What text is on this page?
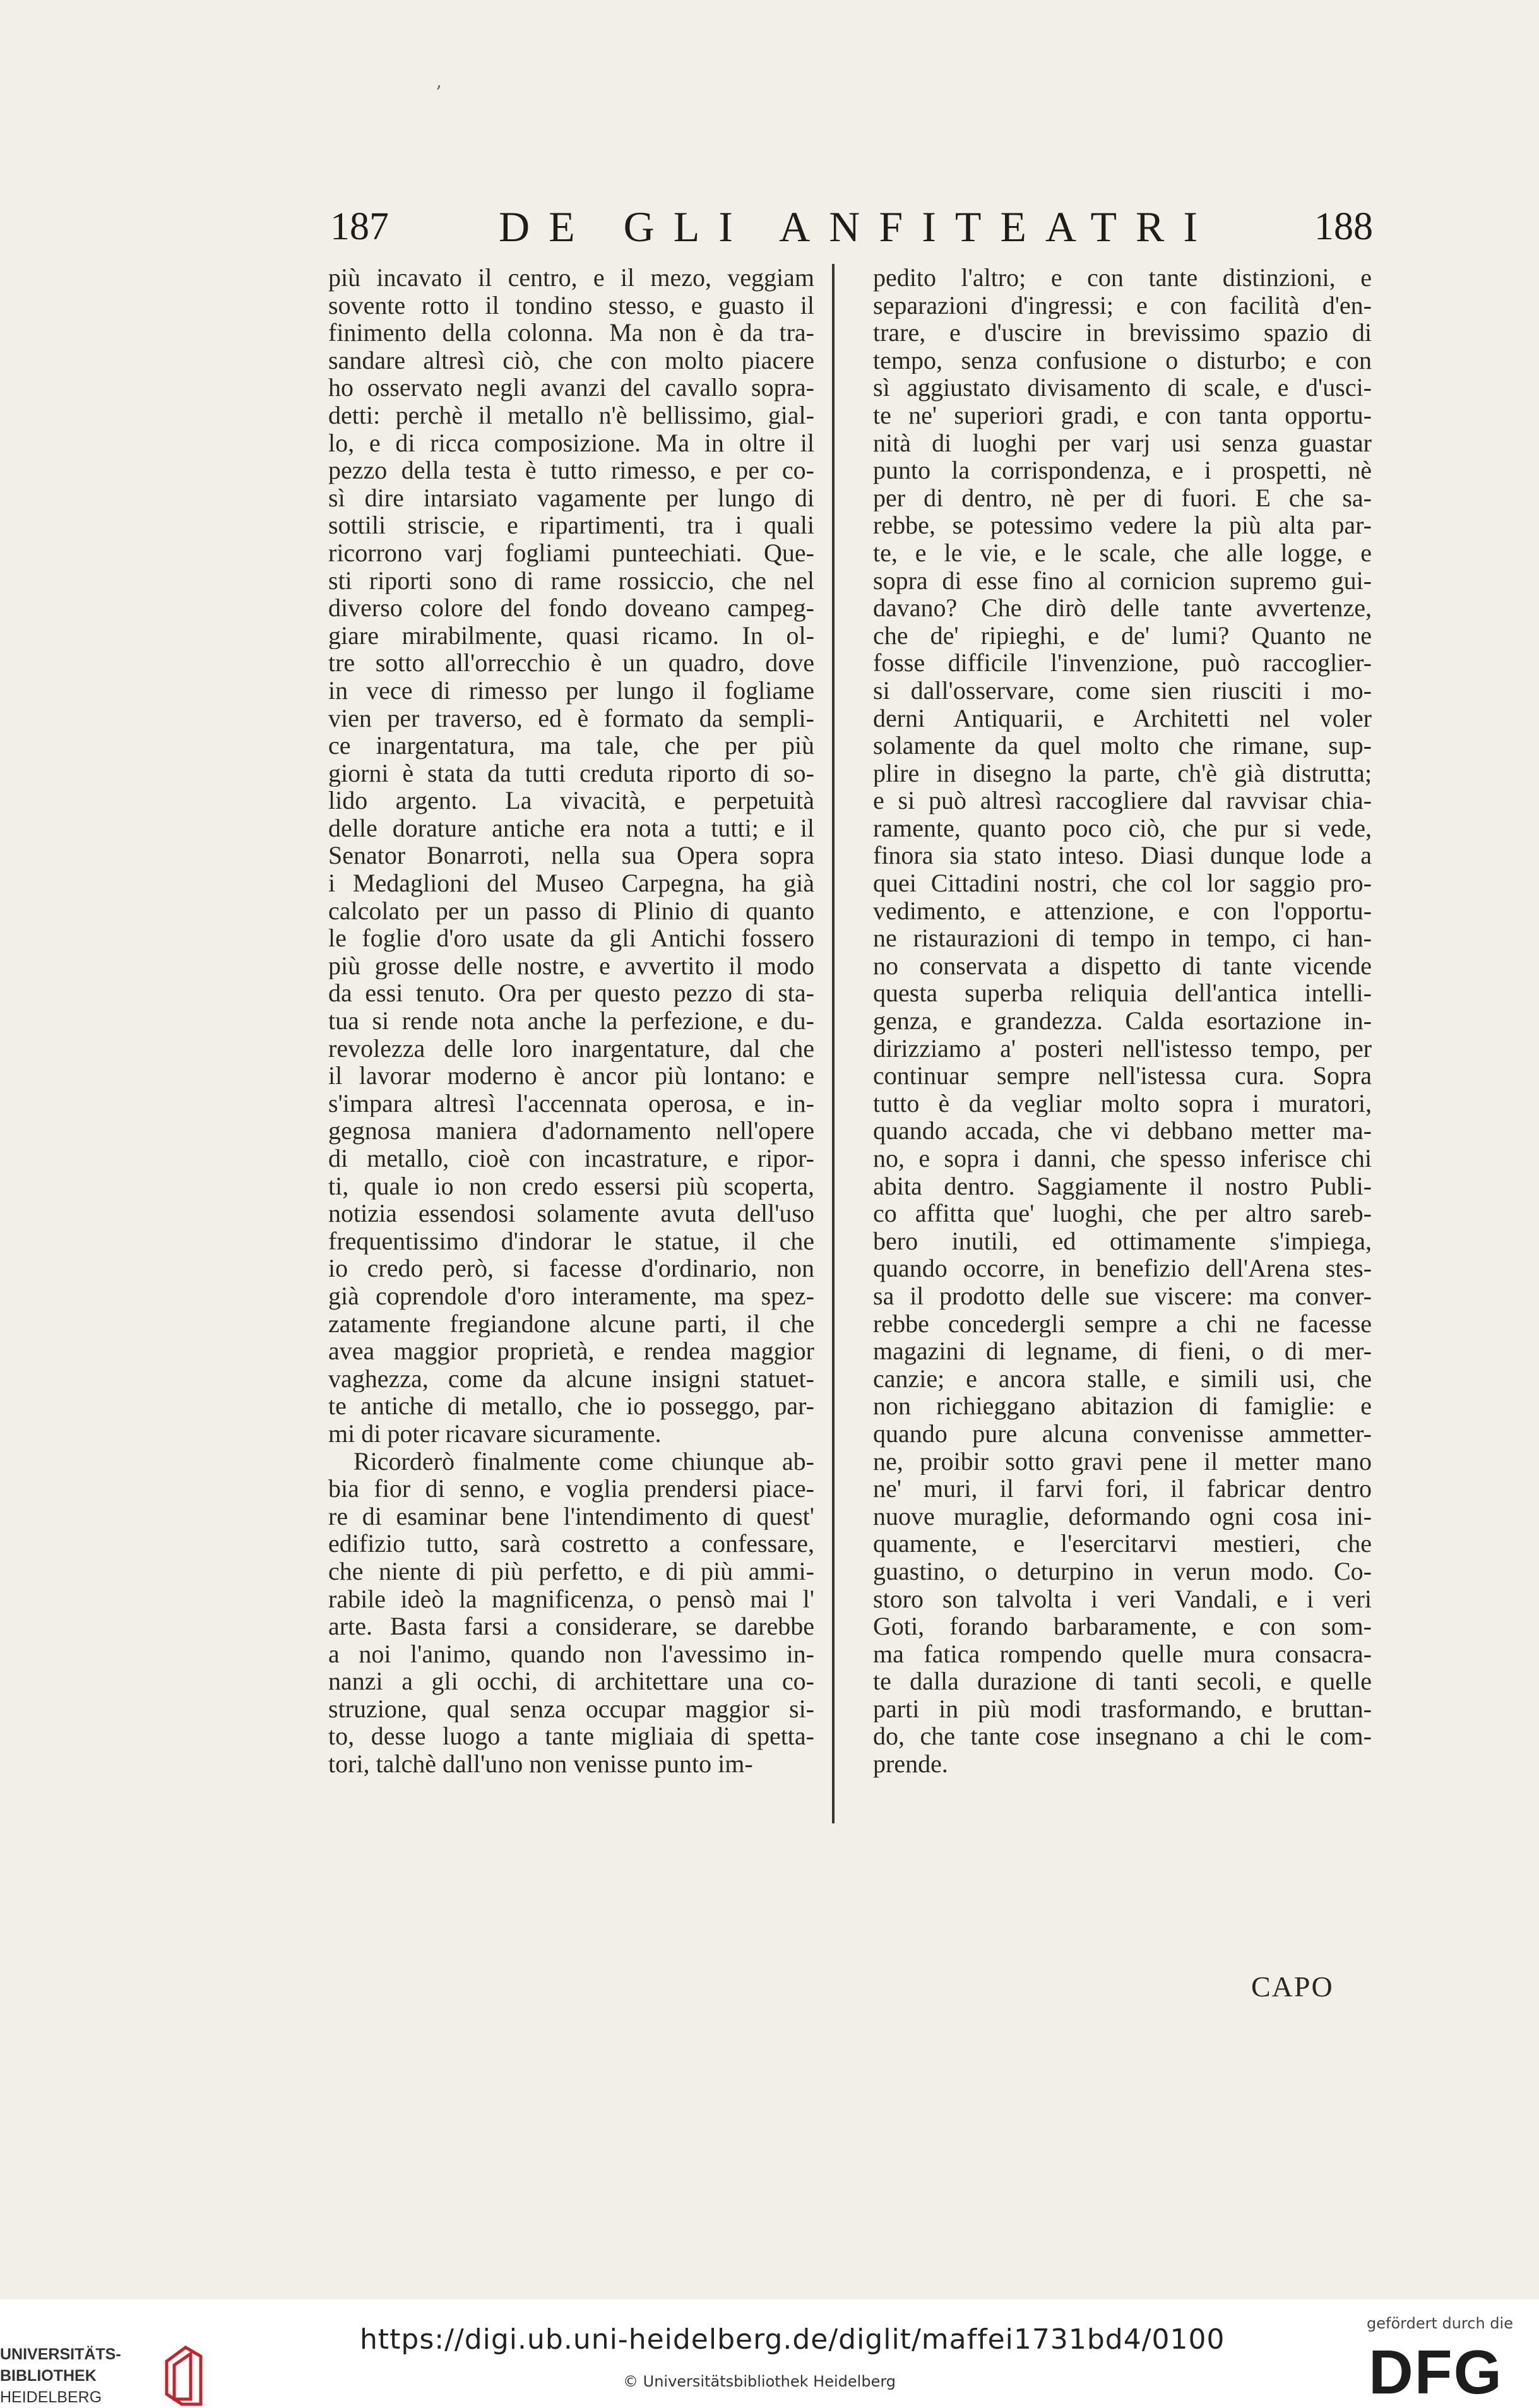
’
187	DE GLI ANFITEATRI 188
più incavato il centro, e il mezo, veggiam
sovente rotto il tondino stesso, e guasto il
finimento della colonna. Ma non è da tra-
sandare altresì ciò, che con molto piacere
ho osservato negli avanzi del cavallo sopra-
detti: perchè il metallo n'è bellissimo, gial-
lo, e di ricca composizione. Ma in oltre il
pezzo della testa è tutto rimesso, e per co-
sì dire intarsiato vagamente per lungo di
sottili striscie, e ripartimenti, tra i quali
ricorrono varj fogliami punteechiati. Que-
sti riporti sono di rame rossiccio, che nel
diverso colore del fondo doveano campeg-
giare mirabilmente, quasi ricamo. In ol-
tre sotto all'orrecchio è un quadro, dove
in vece di rimesso per lungo il fogliame
vien per traverso, ed è formato da sempli-
ce inargentatura, ma tale, che per più
giorni è stata da tutti creduta riporto di so-
lido argento. La vivacità, e perpetuità
delle dorature antiche era nota a tutti; e il
Senator Bonarroti, nella sua Opera sopra
i Medaglioni del Museo Carpegna, ha già
calcolato per un passo di Plinio di quanto
le foglie d'oro usate da gli Antichi fossero
più grosse delle nostre, e avvertito il modo
da essi tenuto. Ora per questo pezzo di sta-
tua si rende nota anche la perfezione, e du-
revolezza delle loro inargentature, dal che
il lavorar moderno è ancor più lontano: e
s'impara altresì l'accennata operosa, e in-
gegnosa maniera d'adornamento nell'opere
di metallo, cioè con incastrature, e ripor-
ti, quale io non credo essersi più scoperta,
notizia essendosi solamente avuta dell'uso
frequentissimo d'indorar le statue, il che
io credo però, si facesse d'ordinario, non
già coprendole d'oro interamente, ma spez-
zatamente fregiandone alcune parti, il che
avea maggior proprietà, e rendea maggior
vaghezza, come da alcune insigni statuet-
te antiche di metallo, che io posseggo, par-
mi di poter ricavare sicuramente.
Ricorderò finalmente come chiunque ab-
bia fior di senno, e voglia prendersi piace-
re di esaminar bene l'intendimento di quest'
edifizio tutto, sarà costretto a confessare,
che niente di più perfetto, e di più ammi-
rabile ideò la magnificenza, o pensò mai l'
arte. Basta farsi a considerare, se darebbe
a noi l'animo, quando non l'avessimo in-
nanzi a gli occhi, di architettare una co-
struzione, qual senza occupar maggior si-
to, desse luogo a tante migliaia di spetta-
tori, talchè dall'uno non venisse punto im-
pedito l'altro; e con tante distinzioni, e
separazioni d'ingressi; e con facilità d'en-
trare, e d'uscire in brevissimo spazio di
tempo, senza confusione o disturbo; e con
sì aggiustato divisamento di scale, e d'usci-
te ne' superiori gradi, e con tanta opportu-
nità di luoghi per varj usi senza guastar
punto la corrispondenza, e i prospetti, nè
per di dentro, nè per di fuori. E che sa-
rebbe, se potessimo vedere la più alta par-
te, e le vie, e le scale, che alle logge, e
sopra di esse fino al cornicion supremo gui-
davano? Che dirò delle tante avvertenze,
che de' ripieghi, e de' lumi? Quanto ne
fosse difficile l'invenzione, può raccoglier-
si dall'osservare, come sien riusciti i mo-
derni Antiquarii, e Architetti nel voler
solamente da quel molto che rimane, sup-
plire in disegno la parte, ch'è già distrutta;
e si può altresì raccogliere dal ravvisar chia-
ramente, quanto poco ciò, che pur si vede,
finora sia stato inteso. Diasi dunque lode a
quei Cittadini nostri, che col lor saggio pro-
vedimento, e attenzione, e con l'opportu-
ne ristaurazioni di tempo in tempo, ci han-
no conservata a dispetto di tante vicende
questa superba reliquia dell'antica intelli-
genza, e grandezza. Calda esortazione in-
dirizziamo a' posteri nell'istesso tempo, per
continuar sempre nell'istessa cura. Sopra
tutto è da vegliar molto sopra i muratori,
quando accada, che vi debbano metter ma-
no, e sopra i danni, che spesso inferisce chi
abita dentro. Saggiamente il nostro Publi-
co affitta que' luoghi, che per altro sareb-
bero inutili, ed ottimamente s'impiega,
quando occorre, in benefizio dell'Arena stes-
sa il prodotto delle sue viscere: ma conver-
rebbe concedergli sempre a chi ne facesse
magazini di legname, di fieni, o di mer-
canzie; e ancora stalle, e simili usi, che
non richieggano abitazion di famiglie: e
quando pure alcuna convenisse ammetter-
ne, proibir sotto gravi pene il metter mano
ne' muri, il farvi fori, il fabricar dentro
nuove muraglie, deformando ogni cosa ini-
quamente, e l'esercitarvi mestieri, che
guastino, o deturpino in verun modo. Co-
storo son talvolta i veri Vandali, e i veri
Goti, forando barbaramente, e con som-
ma fatica rompendo quelle mura consacra-
te dalla durazione di tanti secoli, e quelle
parti in più modi trasformando, e bruttan-
do, che tante cose insegnano a chi le com-
prende.
CAPO
UNIVERSITÄTS-
BIBLIOTHEK
HEIDELBERG
https://digi.ub.uni-heidelberg.de/diglit/maffei1731bd4/0100
© Universitätsbibliothek Heidelberg
gefördert durch die
DFG
